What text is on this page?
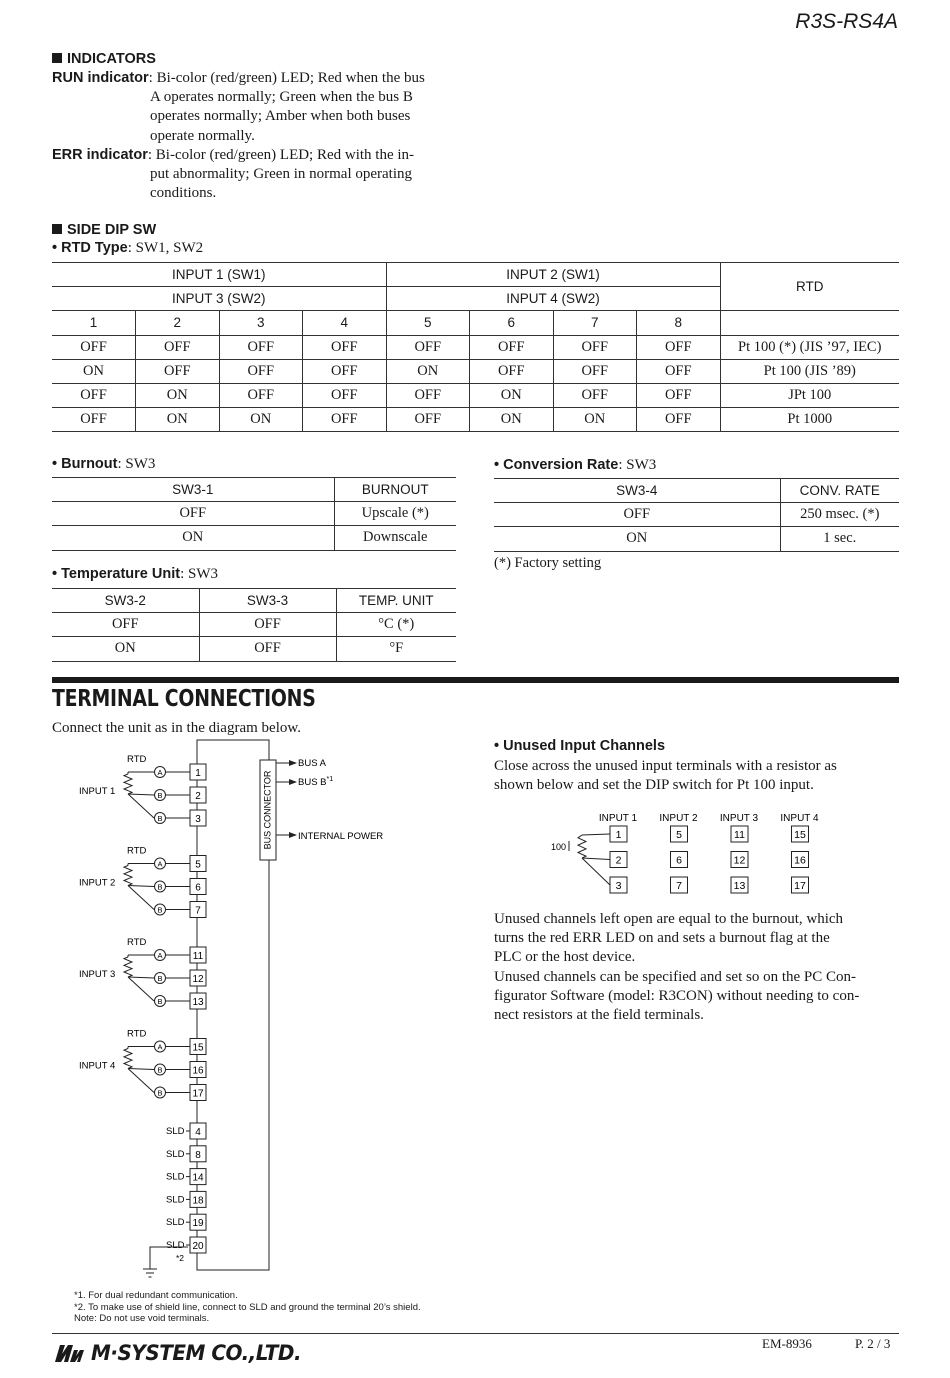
R3S-RS4A
INDICATORS
RUN indicator: Bi-color (red/green) LED; Red when the bus
A operates normally; Green when the bus B
operates normally; Amber when both buses
operate normally.
ERR indicator: Bi-color (red/green) LED; Red with the in-
put abnormality; Green in normal operating
conditions.
SIDE DIP SW
• RTD Type: SW1, SW2
INPUT 1 (SW1)				INPUT 2 (SW1)				RTD
INPUT 3 (SW2)				INPUT 4 (SW2)				
1	2	3	4	5	6	7	8	
OFF	OFF	OFF	OFF	OFF	OFF	OFF	OFF	Pt 100 (*) (JIS ’97, IEC)
ON	OFF	OFF	OFF	ON	OFF	OFF	OFF	Pt 100 (JIS ’89)
OFF	ON	OFF	OFF	OFF	ON	OFF	OFF	JPt 100
OFF	ON	ON	OFF	OFF	ON	ON	OFF	Pt 1000
• Burnout: SW3
SW3-1	BURNOUT
OFF	Upscale (*)
ON	Downscale
• Temperature Unit: SW3
SW3-2	SW3-3	TEMP. UNIT
OFF	OFF	°C (*)
ON	OFF	°F
• Conversion Rate: SW3
SW3-4	CONV. RATE
OFF	250 msec. (*)
ON	1 sec.
(*) Factory setting
TERMINAL CONNECTIONS
Connect the unit as in the diagram below.
BUS CONNECTOR
BUS A
BUS $B^{*1}$
INTERNAL POWER
RTD
INPUT 1
A	1
B	2
B	3
RTD
INPUT 2
A	5
B	6
B	7
RTD
INPUT 3
A	11
B	12
B	13
RTD
INPUT 4
A	15
B	16
B	17
SLD 4
SLD 8
SLD 14
SLD 18
SLD 19
SLD 20
*2
*1. For dual redundant communication.
*2. To make use of shield line, connect to SLD and ground the terminal 20’s shield.
Note: Do not use void terminals.
• Unused Input Channels
Close across the unused input terminals with a resistor as
shown below and set the DIP switch for Pt 100 input.
INPUT 1
1
2
3
INPUT 2
5
6
7
INPUT 3
11
12
13
INPUT 4
15
16
17
100
Unused channels left open are equal to the burnout, which
turns the red ERR LED on and sets a burnout flag at the
PLC or the host device.
Unused channels can be specified and set so on the PC Con-
figurator Software (model: R3CON) without needing to con-
nect resistors at the field terminals.
M·SYSTEM CO.,LTD.	EM-8936	P. 2 / 3
